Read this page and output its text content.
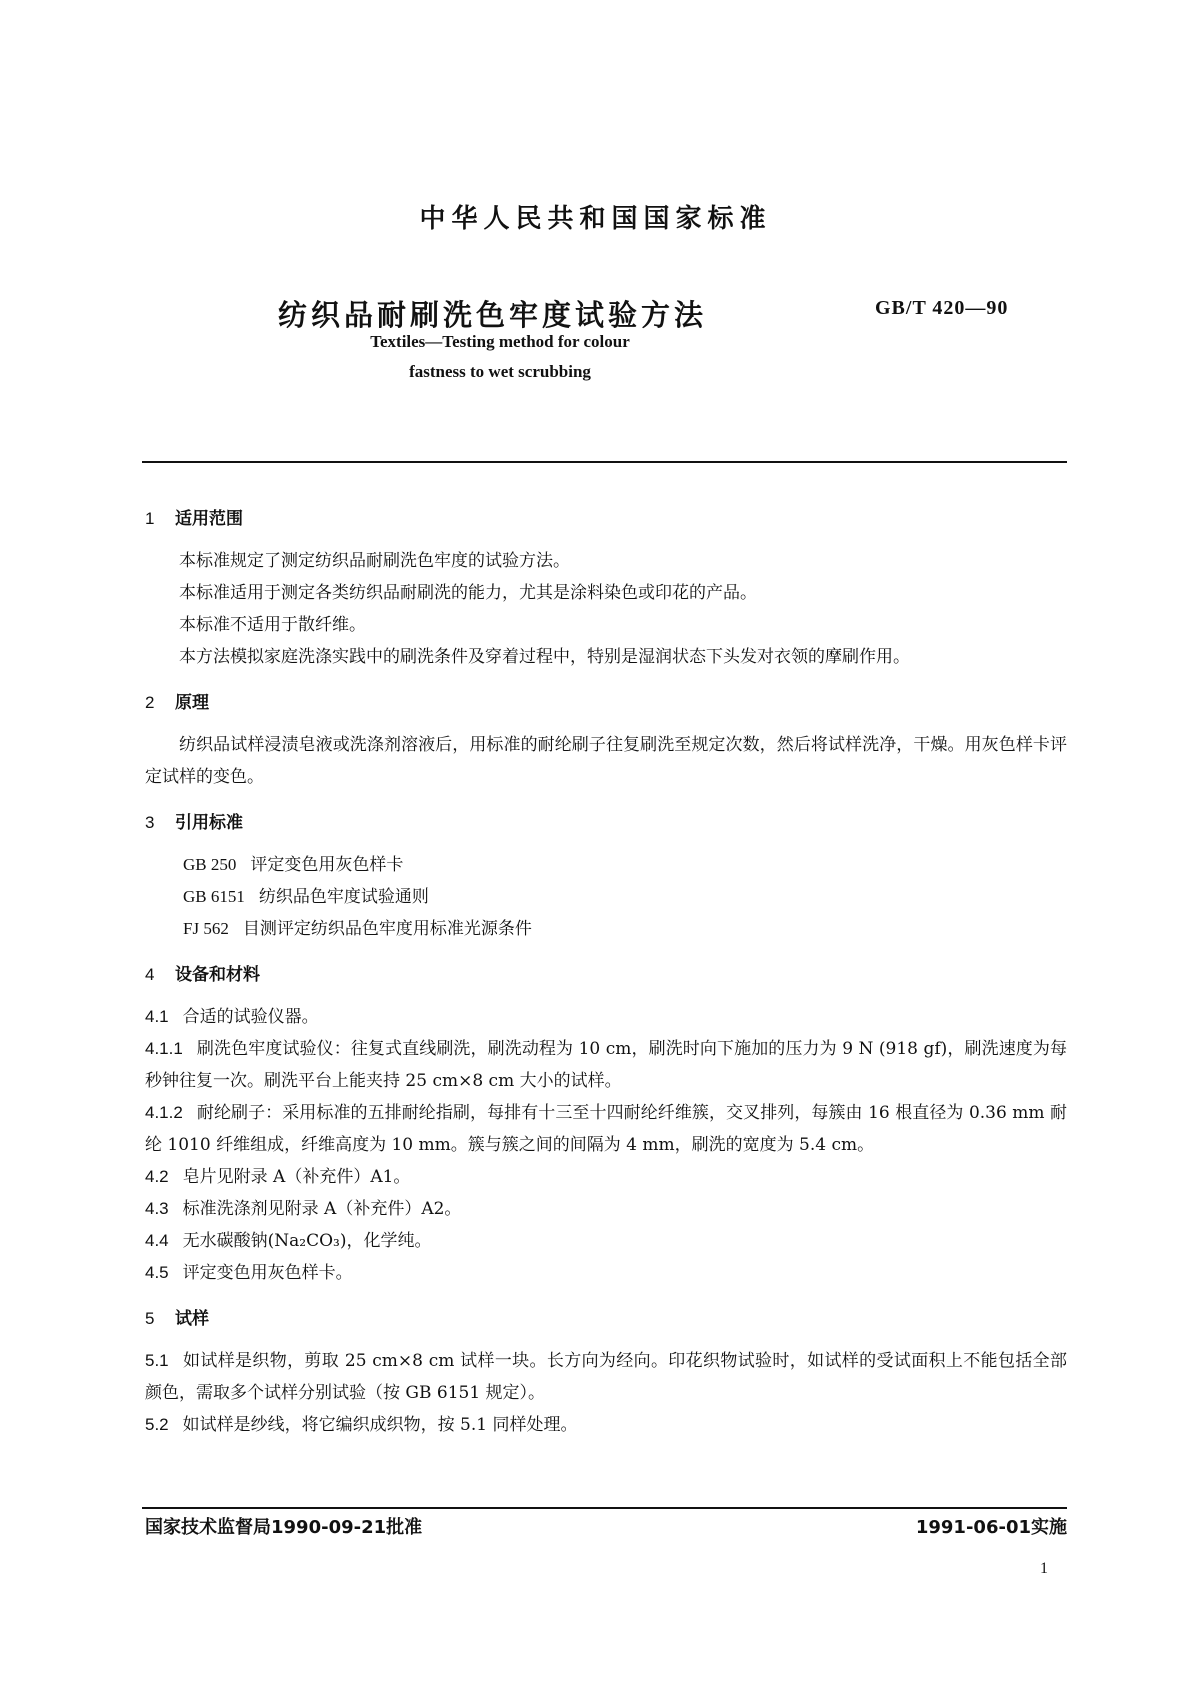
中华人民共和国国家标准
纺织品耐刷洗色牢度试验方法	GB/T 420—90
Textiles—Testing method for colour
fastness to wet scrubbing
1 适用范围
本标准规定了测定纺织品耐刷洗色牢度的试验方法。
本标准适用于测定各类纺织品耐刷洗的能力，尤其是涂料染色或印花的产品。
本标准不适用于散纤维。
本方法模拟家庭洗涤实践中的刷洗条件及穿着过程中，特别是湿润状态下头发对衣领的摩刷作用。
2 原理
纺织品试样浸渍皂液或洗涤剂溶液后，用标准的耐纶刷子往复刷洗至规定次数，然后将试样洗净，干燥。用灰色样卡评定试样的变色。
3 引用标准
GB 250 评定变色用灰色样卡
GB 6151 纺织品色牢度试验通则
FJ 562 目测评定纺织品色牢度用标准光源条件
4 设备和材料
4.1 合适的试验仪器。
4.1.1 刷洗色牢度试验仪：往复式直线刷洗，刷洗动程为 10 cm，刷洗时向下施加的压力为 9 N (918 gf)，刷洗速度为每秒钟往复一次。刷洗平台上能夹持 25 cm×8 cm 大小的试样。
4.1.2 耐纶刷子：采用标准的五排耐纶指刷，每排有十三至十四耐纶纤维簇，交叉排列，每簇由 16 根直径为 0.36 mm 耐纶 1010 纤维组成，纤维高度为 10 mm。簇与簇之间的间隔为 4 mm，刷洗的宽度为 5.4 cm。
4.2 皂片见附录 A（补充件）A1。
4.3 标准洗涤剂见附录 A（补充件）A2。
4.4 无水碳酸钠(Na₂CO₃)，化学纯。
4.5 评定变色用灰色样卡。
5 试样
5.1 如试样是织物，剪取 25 cm×8 cm 试样一块。长方向为经向。印花织物试验时，如试样的受试面积上不能包括全部颜色，需取多个试样分别试验（按 GB 6151 规定）。
5.2 如试样是纱线，将它编织成织物，按 5.1 同样处理。
国家技术监督局1990-09-21批准	1991-06-01实施
1
